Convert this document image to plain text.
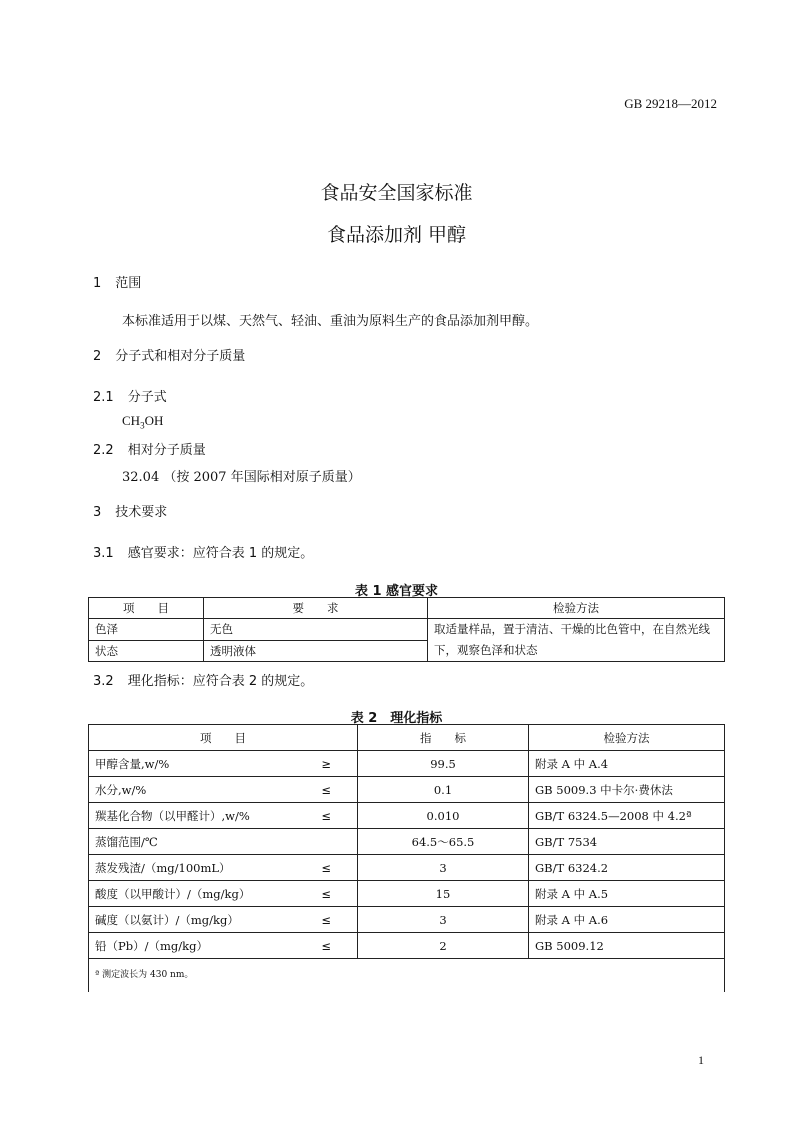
GB 29218—2012
食品安全国家标准
食品添加剂 甲醇
1 范围
本标准适用于以煤、天然气、轻油、重油为原料生产的食品添加剂甲醇。
2 分子式和相对分子质量
2.1 分子式
$CH_3OH$
2.2 相对分子质量
32.04 （按 2007 年国际相对原子质量）
3 技术要求
3.1 感官要求：应符合表 1 的规定。
表 1 感官要求
项　　目	要　　求	检验方法
色泽	无色	取适量样品，置于清洁、干燥的比色管中，在自然光线下，观察色泽和状态
状态	透明液体	
3.2 理化指标：应符合表 2 的规定。
表 2　理化指标
项　　目		指　　标	检验方法
甲醇含量,w/%	≥	99.5	附录 A 中 A.4
水分,w/%	≤	0.1	GB 5009.3 中卡尔·费休法
羰基化合物（以甲醛计）,w/%	≤	0.010	GB/T 6324.5—2008 中 4.2ª
蒸馏范围/℃		64.5～65.5	GB/T 7534
蒸发残渣/（mg/100mL）	≤	3	GB/T 6324.2
酸度（以甲酸计）/（mg/kg）	≤	15	附录 A 中 A.5
碱度（以氨计）/（mg/kg）	≤	3	附录 A 中 A.6
铅（Pb）/（mg/kg）	≤	2	GB 5009.12
ª 测定波长为 430 nm。			
1
